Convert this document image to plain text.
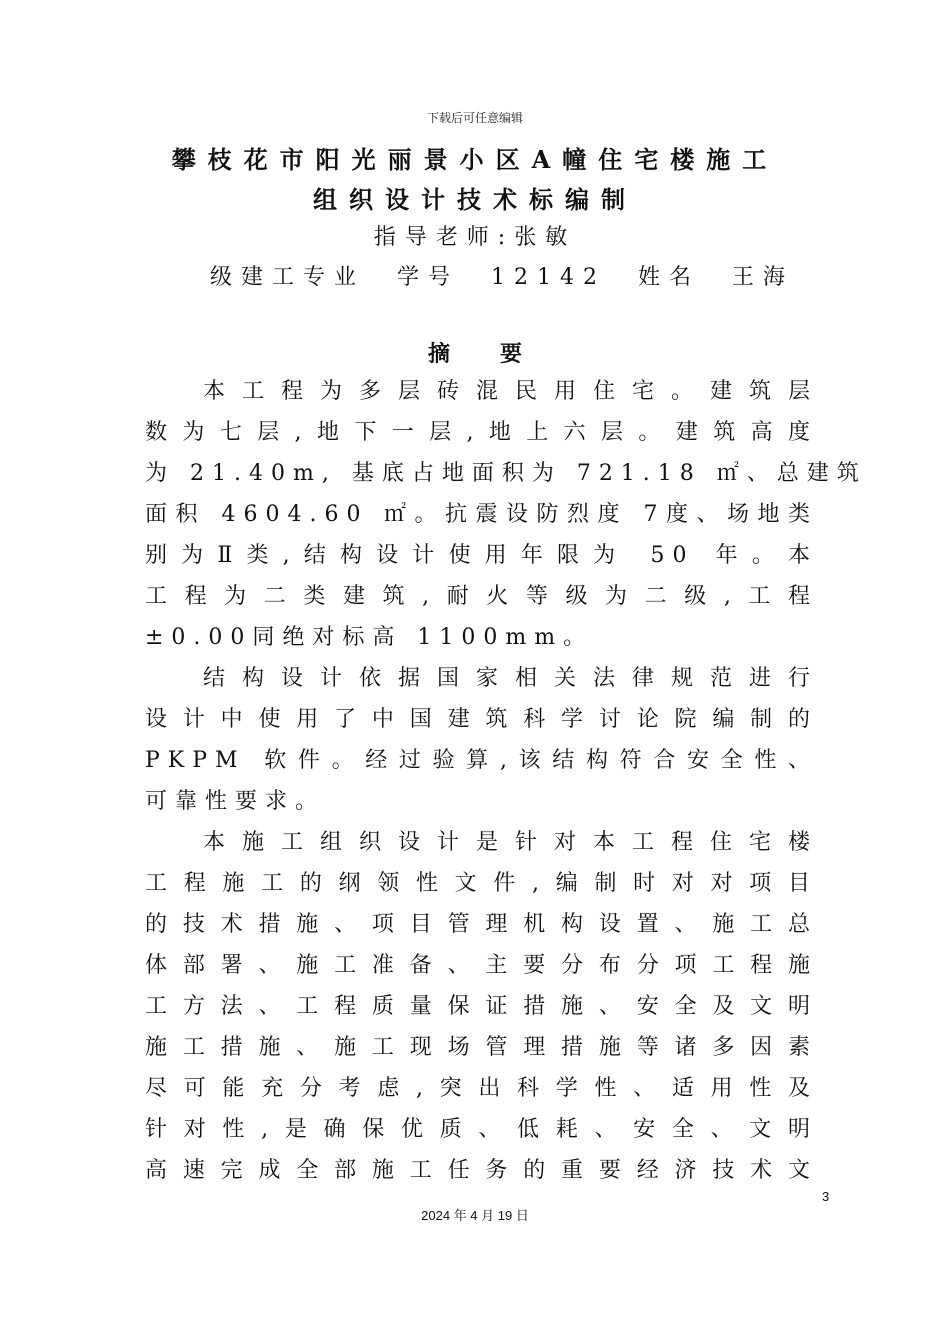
下载后可任意编辑
攀枝花市阳光丽景小区A幢住宅楼施工
组织设计技术标编制
指导老师:张敏
级建工专业  学号  12142  姓名  王海
摘要
本工程为多层砖混民用住宅。建筑层
数为七层,地下一层,地上六层。建筑高度
为 21.40m, 基底占地面积为 721.18 ㎡、总建筑
面积 4604.60 ㎡。抗震设防烈度 7度、场地类
别为Ⅱ类,结构设计使用年限为 50 年。本
工程为二类建筑,耐火等级为二级,工程
±0.00同绝对标高 1100mm。
结构设计依据国家相关法律规范进行
设计中使用了中国建筑科学讨论院编制的
PKPM 软件。经过验算,该结构符合安全性、
可靠性要求。
本施工组织设计是针对本工程住宅楼
工程施工的纲领性文件,编制时对对项目
的技术措施、项目管理机构设置、施工总
体部署、施工准备、主要分布分项工程施
工方法、工程质量保证措施、安全及文明
施工措施、施工现场管理措施等诸多因素
尽可能充分考虑,突出科学性、适用性及
针对性,是确保优质、低耗、安全、文明
高速完成全部施工任务的重要经济技术文
3
2024 年 4 月 19 日
